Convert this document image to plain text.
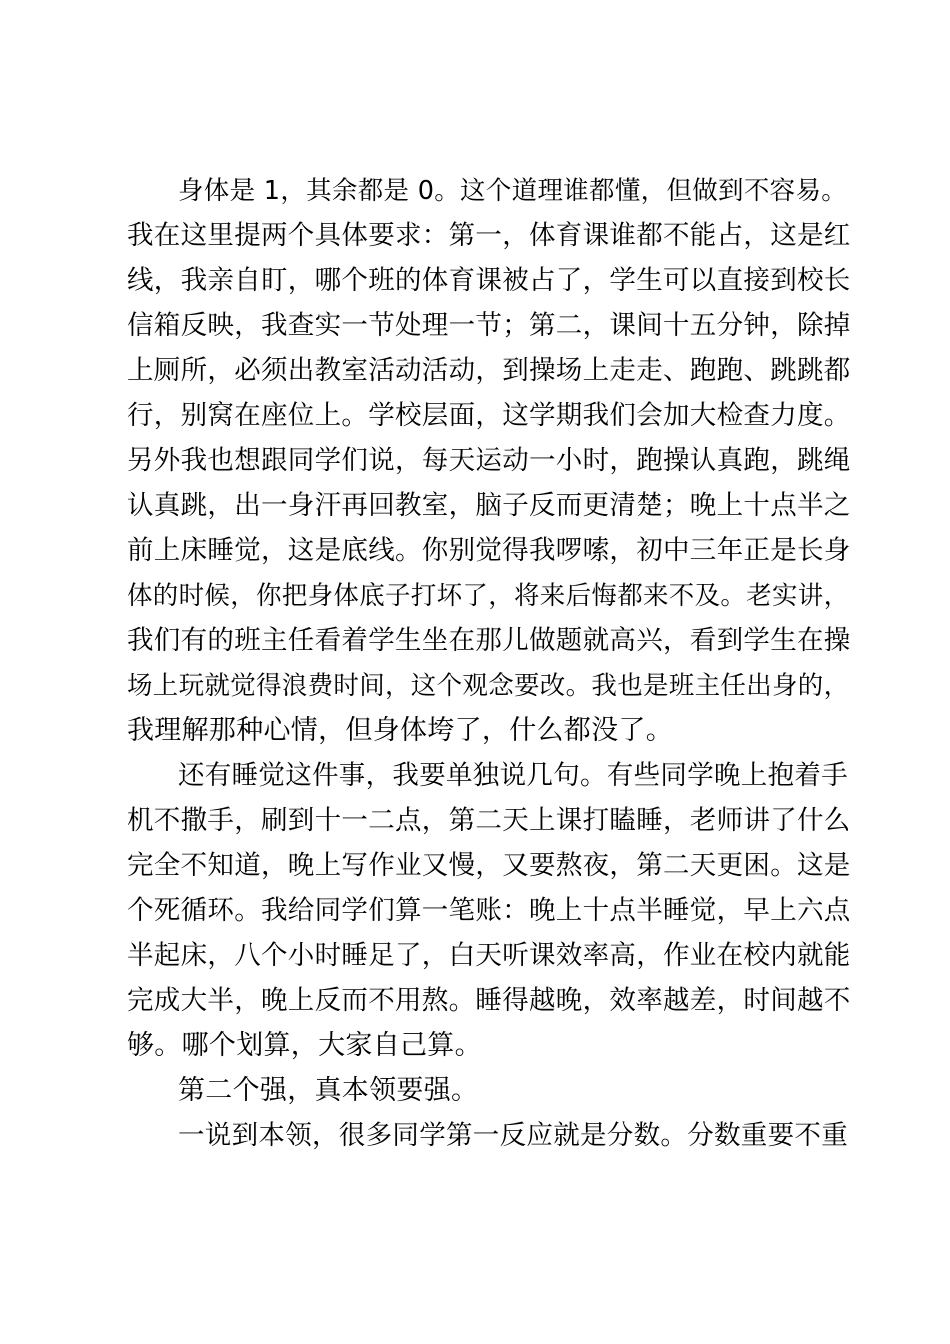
身体是 1，其余都是 0。这个道理谁都懂，但做到不容易。
我在这里提两个具体要求：第一，体育课谁都不能占，这是红
线，我亲自盯，哪个班的体育课被占了，学生可以直接到校长
信箱反映，我查实一节处理一节；第二，课间十五分钟，除掉
上厕所，必须出教室活动活动，到操场上走走、跑跑、跳跳都
行，别窝在座位上。学校层面，这学期我们会加大检查力度。
另外我也想跟同学们说，每天运动一小时，跑操认真跑，跳绳
认真跳，出一身汗再回教室，脑子反而更清楚；晚上十点半之
前上床睡觉，这是底线。你别觉得我啰嗦，初中三年正是长身
体的时候，你把身体底子打坏了，将来后悔都来不及。老实讲，
我们有的班主任看着学生坐在那儿做题就高兴，看到学生在操
场上玩就觉得浪费时间，这个观念要改。我也是班主任出身的，
我理解那种心情，但身体垮了，什么都没了。
还有睡觉这件事，我要单独说几句。有些同学晚上抱着手
机不撒手，刷到十一二点，第二天上课打瞌睡，老师讲了什么
完全不知道，晚上写作业又慢，又要熬夜，第二天更困。这是
个死循环。我给同学们算一笔账：晚上十点半睡觉，早上六点
半起床，八个小时睡足了，白天听课效率高，作业在校内就能
完成大半，晚上反而不用熬。睡得越晚，效率越差，时间越不
够。哪个划算，大家自己算。
第二个强，真本领要强。
一说到本领，很多同学第一反应就是分数。分数重要不重
